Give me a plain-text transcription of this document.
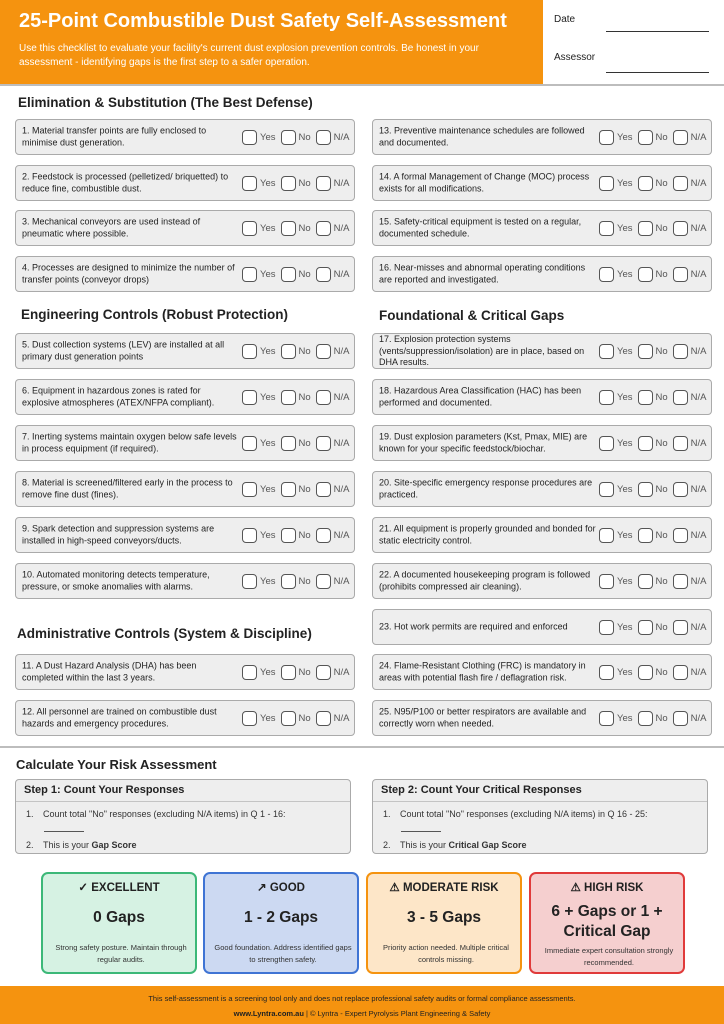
25-Point Combustible Dust Safety Self-Assessment
Use this checklist to evaluate your facility's current dust explosion prevention controls. Be honest in your assessment - identifying gaps is the first step to a safer operation.
Date
Assessor
Elimination & Substitution (The Best Defense)
Engineering Controls (Robust Protection)
Administrative Controls (System & Discipline)
Foundational & Critical Gaps
1. Material transfer points are fully enclosed to minimise dust generation.	Yes No N/A
2. Feedstock is processed (pelletized/ briquetted) to reduce fine, combustible dust.	Yes No N/A
3. Mechanical conveyors are used instead of pneumatic where possible.	Yes No N/A
4. Processes are designed to minimize the number of transfer points (conveyor drops)	Yes No N/A
5. Dust collection systems (LEV) are installed at all primary dust generation points	Yes No N/A
6. Equipment in hazardous zones is rated for explosive atmospheres (ATEX/NFPA compliant).	Yes No N/A
7. Inerting systems maintain oxygen below safe levels in process equipment (if required).	Yes No N/A
8. Material is screened/filtered early in the process to remove fine dust (fines).	Yes No N/A
9. Spark detection and suppression systems are installed in high-speed conveyors/ducts.	Yes No N/A
10. Automated monitoring detects temperature, pressure, or smoke anomalies with alarms.	Yes No N/A
11. A Dust Hazard Analysis (DHA) has been completed within the last 3 years.	Yes No N/A
12. All personnel are trained on combustible dust hazards and emergency procedures.	Yes No N/A
13. Preventive maintenance schedules are followed and documented.	Yes No N/A
14. A formal Management of Change (MOC) process exists for all modifications.	Yes No N/A
15. Safety-critical equipment is tested on a regular, documented schedule.	Yes No N/A
16. Near-misses and abnormal operating conditions are reported and investigated.	Yes No N/A
17. Explosion protection systems (vents/suppression/isolation) are in place, based on DHA results.
Yes No N/A
18. Hazardous Area Classification (HAC) has been performed and documented.	Yes No N/A
19. Dust explosion parameters (Kst, Pmax, MIE) are known for your specific feedstock/biochar.	Yes No N/A
20. Site-specific emergency response procedures are practiced.	Yes No N/A
21. All equipment is properly grounded and bonded for static electricity control.	Yes No N/A
22. A documented housekeeping program is followed (prohibits compressed air cleaning).	Yes No N/A
23. Hot work permits are required and enforced	Yes No N/A
24. Flame-Resistant Clothing (FRC) is mandatory in areas with potential flash fire / deflagration risk.	Yes No N/A
25. N95/P100 or better respirators are available and correctly worn when needed.	Yes No N/A
Calculate Your Risk Assessment
Step 1: Count Your Responses
1. Count total "No" responses (excluding N/A items) in Q 1 - 16:
2. This is your Gap Score
Step 2: Count Your Critical Responses
1. Count total "No" responses (excluding N/A items) in Q 16 - 25:
2. This is your Critical Gap Score
✓ EXCELLENT
0 Gaps
Strong safety posture. Maintain through regular audits.
↗ GOOD
1 - 2 Gaps
Good foundation. Address identified gaps to strengthen safety.
⚠ MODERATE RISK
3 - 5 Gaps
Priority action needed. Multiple critical controls missing.
⚠ HIGH RISK
6 + Gaps or 1 + Critical Gap
Immediate expert consultation strongly recommended.
This self-assessment is a screening tool only and does not replace professional safety audits or formal compliance assessments.
www.Lyntra.com.au | © Lyntra - Expert Pyrolysis Plant Engineering & Safety
